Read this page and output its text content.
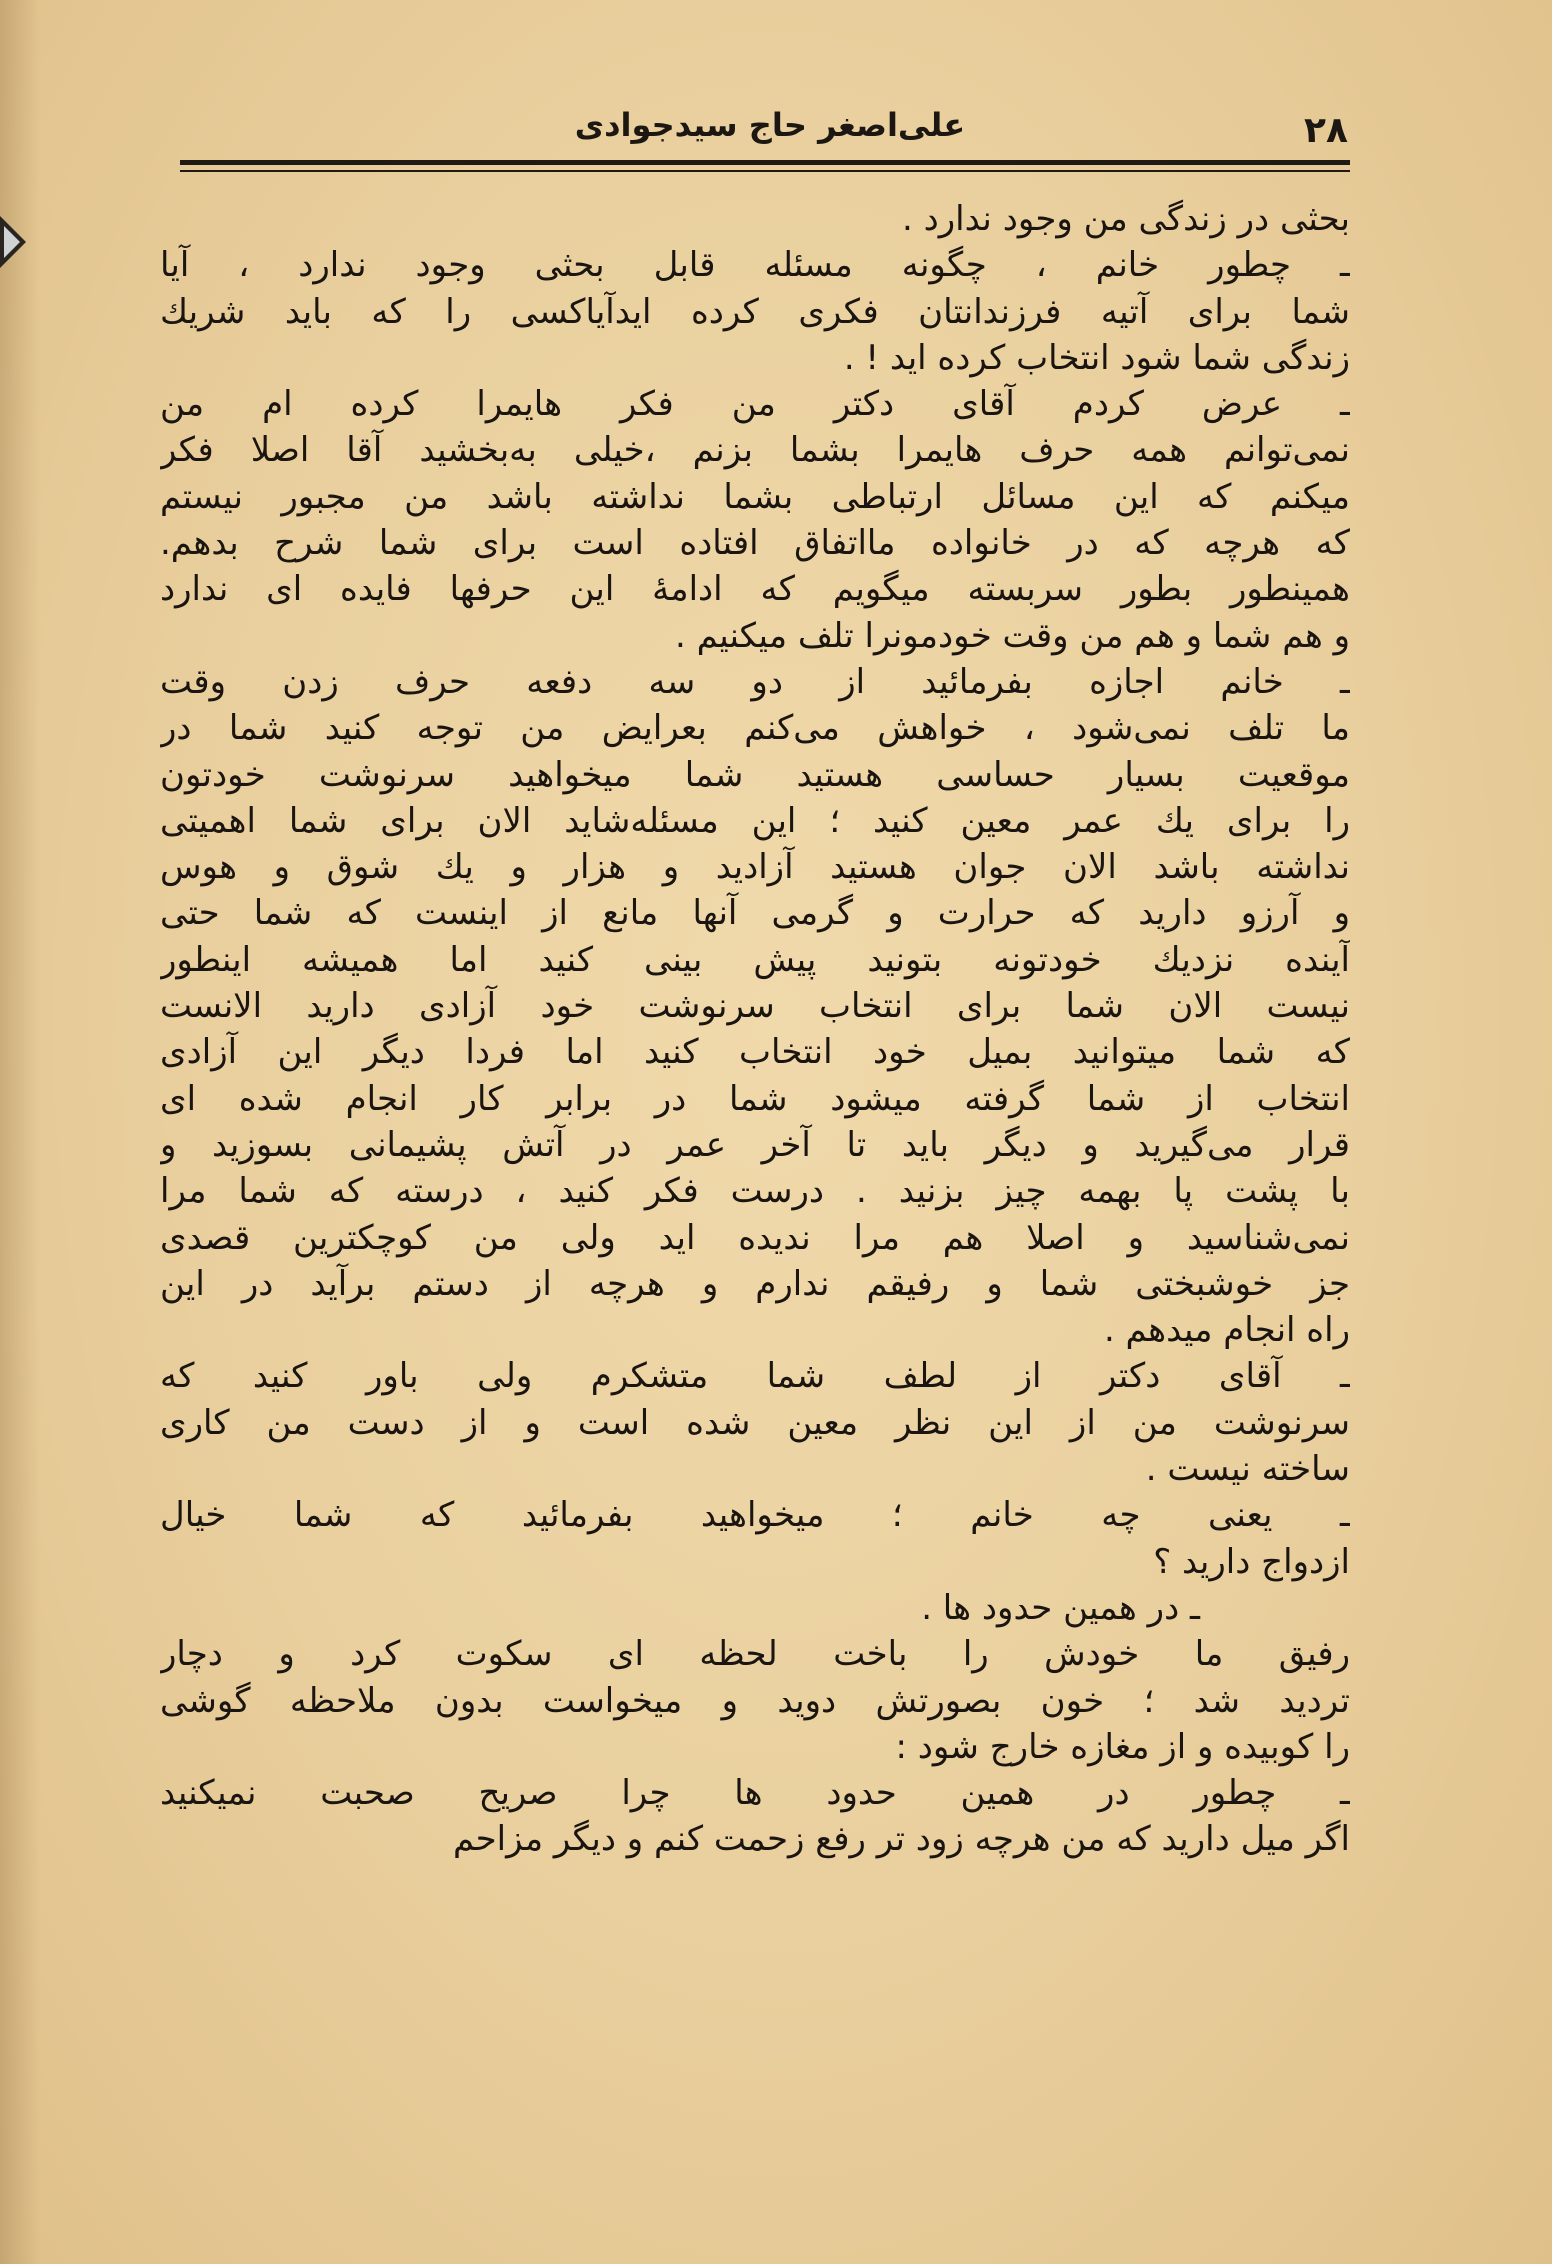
۲۸
علی‌اصغر حاج سیدجوادی
بحثی در زندگی من وجود ندارد .
ـ چطور خانم ، چگونه مسئله قابل بحثی وجود ندارد ، آیا
شما برای آتیه فرزندانتان فکری کرده ایدآیاکسی را که باید شریك
زندگی شما شود انتخاب کرده اید ! .
ـ عرض کردم آقای دکتر من فکر هایمرا کرده ام من
نمی‌توانم همه حرف هایمرا بشما بزنم ،خیلی به‌بخشید آقا اصلا فکر
میکنم که این مسائل ارتباطی بشما نداشته باشد من مجبور نیستم
که هرچه که در خانواده مااتفاق افتاده است برای شما شرح بدهم.
همینطور بطور سربسته میگویم که ادامهٔ این حرفها فایده ای ندارد
و هم شما و هم من وقت خودمونرا تلف میکنیم .
ـ خانم اجازه بفرمائید از دو سه دفعه حرف زدن وقت
ما تلف نمی‌شود ، خواهش می‌کنم بعرایض من توجه کنید شما در
موقعیت بسیار حساسی هستید شما میخواهید سرنوشت خودتون
را برای یك عمر معین کنید ؛ این مسئله‌شاید الان برای شما اهمیتی
نداشته باشد الان جوان هستید آزادید و هزار و یك شوق و هوس
و آرزو دارید که حرارت و گرمی آنها مانع از اینست که شما حتی
آینده نزدیك خودتونه بتونید پیش بینی کنید اما همیشه اینطور
نیست الان شما برای انتخاب سرنوشت خود آزادی دارید الانست
که شما میتوانید بمیل خود انتخاب کنید اما فردا دیگر این آزادی
انتخاب از شما گرفته میشود شما در برابر کار انجام شده ای
قرار می‌گیرید و دیگر باید تا آخر عمر در آتش پشیمانی بسوزید و
با پشت پا بهمه چیز بزنید . درست فکر کنید ، درسته که شما مرا
نمی‌شناسید و اصلا هم مرا ندیده اید ولی من کوچکترین قصدی
جز خوشبختی شما و رفیقم ندارم و هرچه از دستم برآید در این
راه انجام میدهم .
ـ آقای دکتر از لطف شما متشکرم ولی باور کنید که
سرنوشت من از این نظر معین شده است و از دست من کاری
ساخته نیست .
ـ یعنی چه خانم ؛ میخواهید بفرمائید که شما خیال
ازدواج دارید ؟
ـ در همین حدود ها .
رفیق ما خودش را باخت لحظه ای سکوت کرد و دچار
تردید شد ؛ خون بصورتش دوید و میخواست بدون ملاحظه گوشی
را کوبیده و از مغازه خارج شود :
ـ چطور در همین حدود ها چرا صریح صحبت نمیکنید
اگر میل دارید که من هرچه زود تر رفع زحمت کنم و دیگر مزاحم
